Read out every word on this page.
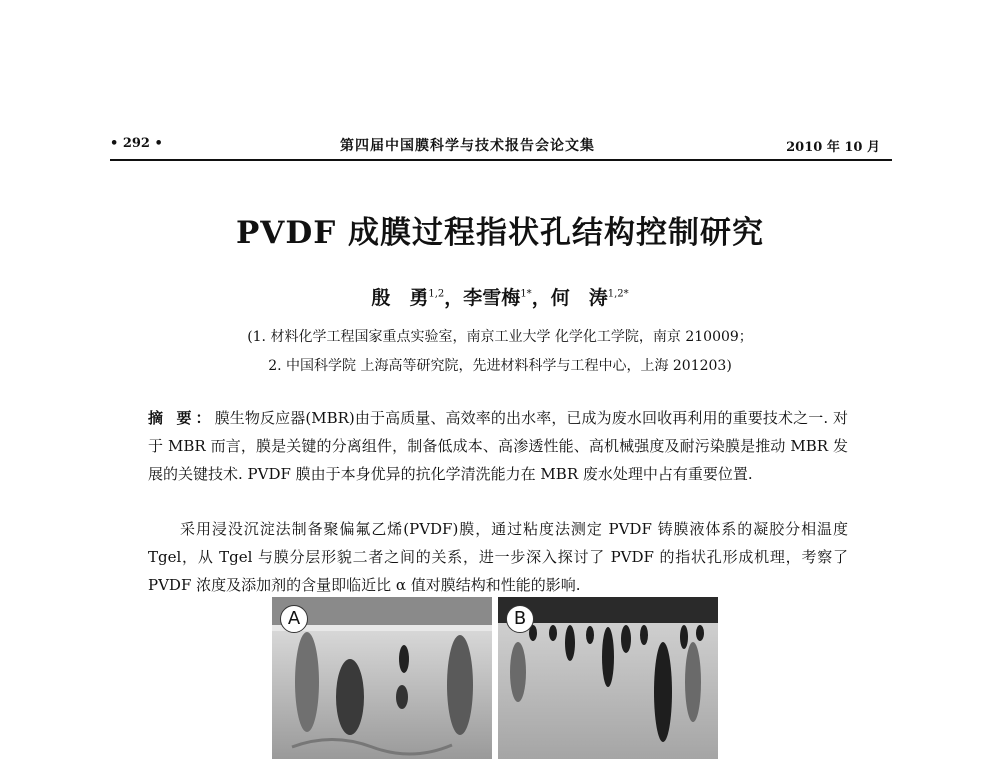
• 292 •	第四届中国膜科学与技术报告会论文集	2010 年 10 月
PVDF 成膜过程指状孔结构控制研究
殷　勇$^{1,2}$，李雪梅$^{1*}$，何　涛$^{1,2*}$
(1. 材料化学工程国家重点实验室，南京工业大学 化学化工学院，南京 210009；
2. 中国科学院 上海高等研究院，先进材料科学与工程中心，上海 201203)
摘 要：膜生物反应器(MBR)由于高质量、高效率的出水率，已成为废水回收再利用的重要技术之一. 对于 MBR 而言，膜是关键的分离组件，制备低成本、高渗透性能、高机械强度及耐污染膜是推动 MBR 发展的关键技术. PVDF 膜由于本身优异的抗化学清洗能力在 MBR 废水处理中占有重要位置.
采用浸没沉淀法制备聚偏氟乙烯(PVDF)膜，通过粘度法测定 PVDF 铸膜液体系的凝胶分相温度 Tgel，从 Tgel 与膜分层形貌二者之间的关系，进一步深入探讨了 PVDF 的指状孔形成机理，考察了 PVDF 浓度及添加剂的含量即临近比 α 值对膜结构和性能的影响.
A	B
